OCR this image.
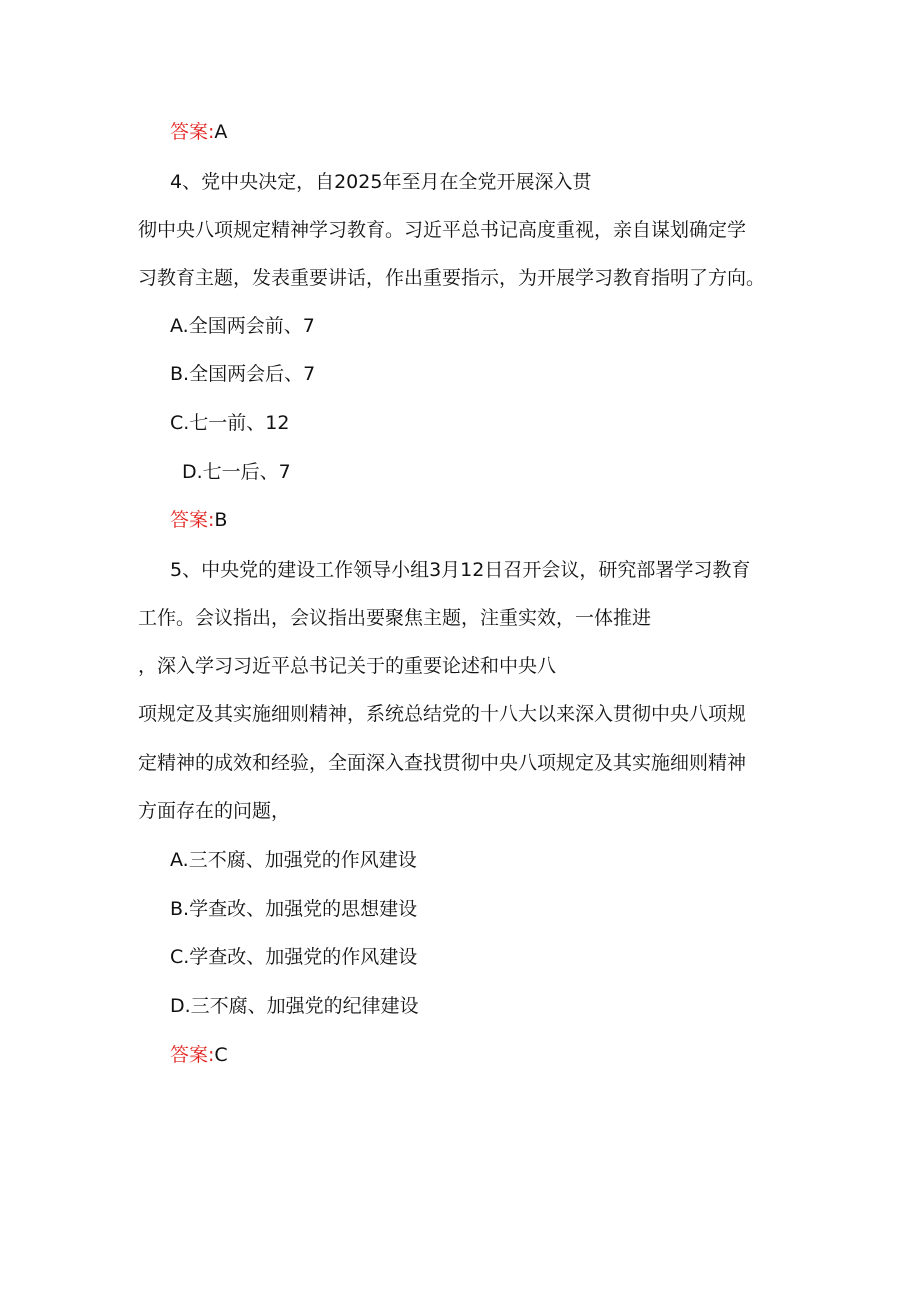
答案:A
4、党中央决定，自2025年至月在全党开展深入贯
彻中央八项规定精神学习教育。习近平总书记高度重视，亲自谋划确定学
习教育主题，发表重要讲话，作出重要指示，为开展学习教育指明了方向。
A.全国两会前、7
B.全国两会后、7
C.七一前、12
D.七一后、7
答案:B
5、中央党的建设工作领导小组3月12日召开会议，研究部署学习教育
工作。会议指出，会议指出要聚焦主题，注重实效，一体推进
，深入学习习近平总书记关于的重要论述和中央八
项规定及其实施细则精神，系统总结党的十八大以来深入贯彻中央八项规
定精神的成效和经验，全面深入查找贯彻中央八项规定及其实施细则精神
方面存在的问题，
A.三不腐、加强党的作风建设
B.学查改、加强党的思想建设
C.学查改、加强党的作风建设
D.三不腐、加强党的纪律建设
答案:C
